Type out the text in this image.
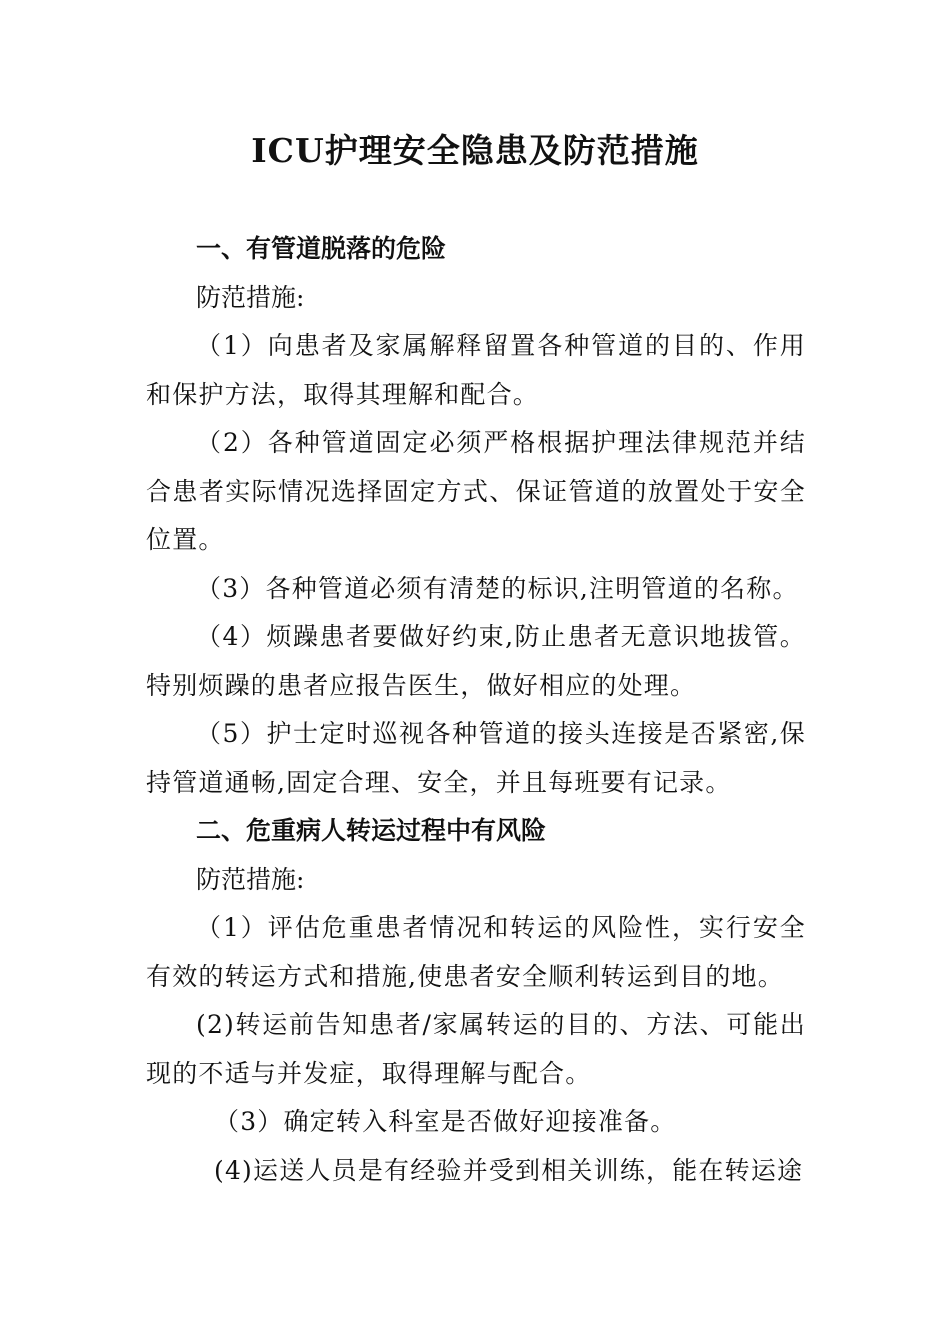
ICU护理安全隐患及防范措施

一、有管道脱落的危险

防范措施:

（1）向患者及家属解释留置各种管道的目的、作用和保护方法，取得其理解和配合。

（2）各种管道固定必须严格根据护理法律规范并结合患者实际情况选择固定方式、保证管道的放置处于安全位置。

（3）各种管道必须有清楚的标识,注明管道的名称。

（4）烦躁患者要做好约束,防止患者无意识地拔管。特别烦躁的患者应报告医生，做好相应的处理。

（5）护士定时巡视各种管道的接头连接是否紧密,保持管道通畅,固定合理、安全，并且每班要有记录。

二、危重病人转运过程中有风险

防范措施:

（1）评估危重患者情况和转运的风险性，实行安全有效的转运方式和措施,使患者安全顺利转运到目的地。

(2)转运前告知患者/家属转运的目的、方法、可能出现的不适与并发症，取得理解与配合。

（3）确定转入科室是否做好迎接准备。

(4)运送人员是有经验并受到相关训练，能在转运途
